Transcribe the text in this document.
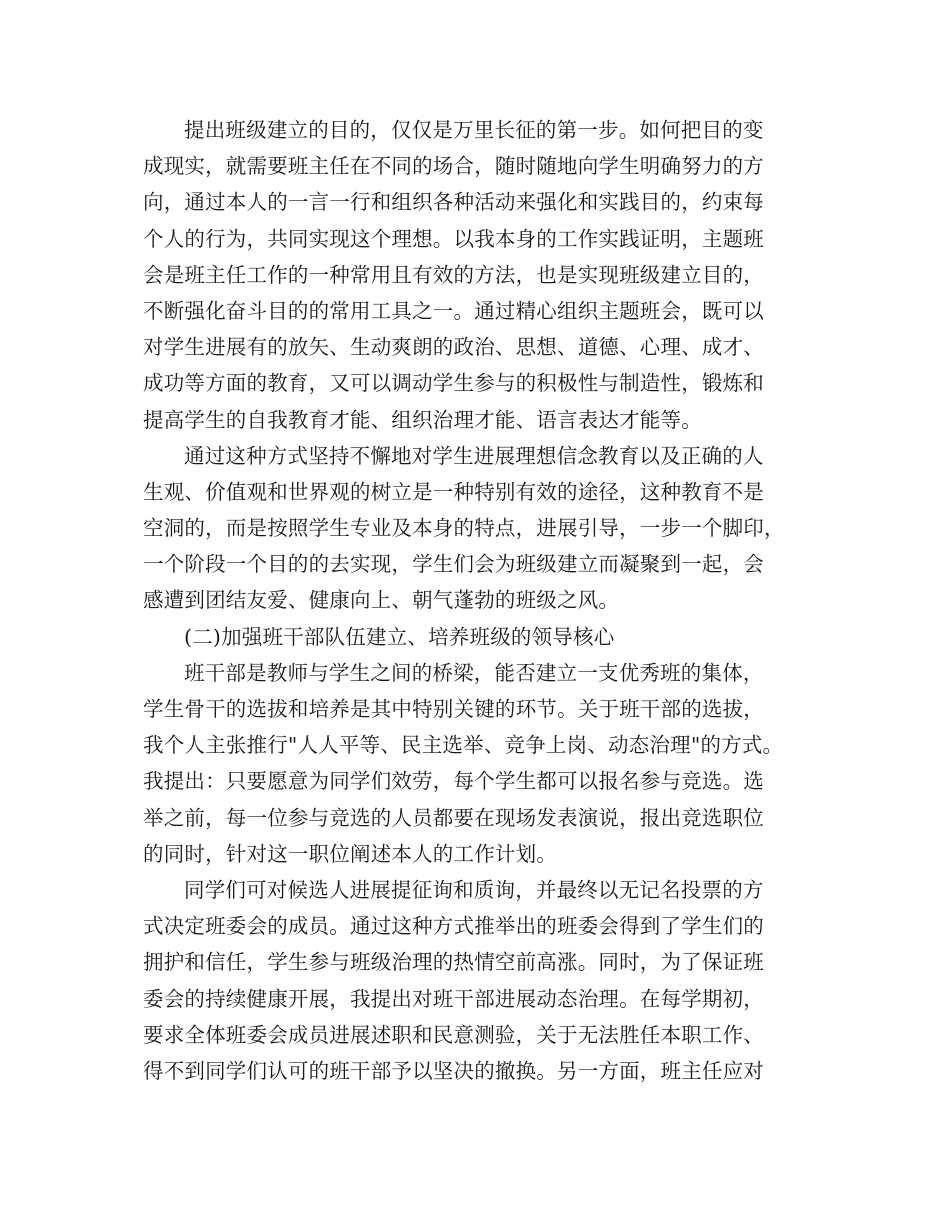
提出班级建立的目的，仅仅是万里长征的第一步。如何把目的变
成现实，就需要班主任在不同的场合，随时随地向学生明确努力的方
向，通过本人的一言一行和组织各种活动来强化和实践目的，约束每
个人的行为，共同实现这个理想。以我本身的工作实践证明，主题班
会是班主任工作的一种常用且有效的方法，也是实现班级建立目的，
不断强化奋斗目的的常用工具之一。通过精心组织主题班会，既可以
对学生进展有的放矢、生动爽朗的政治、思想、道德、心理、成才、
成功等方面的教育，又可以调动学生参与的积极性与制造性，锻炼和
提高学生的自我教育才能、组织治理才能、语言表达才能等。
通过这种方式坚持不懈地对学生进展理想信念教育以及正确的人
生观、价值观和世界观的树立是一种特别有效的途径，这种教育不是
空洞的，而是按照学生专业及本身的特点，进展引导，一步一个脚印，
一个阶段一个目的的去实现，学生们会为班级建立而凝聚到一起，会
感遭到团结友爱、健康向上、朝气蓬勃的班级之风。
(二)加强班干部队伍建立、培养班级的领导核心
班干部是教师与学生之间的桥梁，能否建立一支优秀班的集体，
学生骨干的选拔和培养是其中特别关键的环节。关于班干部的选拔，
我个人主张推行"人人平等、民主选举、竞争上岗、动态治理"的方式。
我提出：只要愿意为同学们效劳，每个学生都可以报名参与竞选。选
举之前，每一位参与竞选的人员都要在现场发表演说，报出竞选职位
的同时，针对这一职位阐述本人的工作计划。
同学们可对候选人进展提征询和质询，并最终以无记名投票的方
式决定班委会的成员。通过这种方式推举出的班委会得到了学生们的
拥护和信任，学生参与班级治理的热情空前高涨。同时，为了保证班
委会的持续健康开展，我提出对班干部进展动态治理。在每学期初，
要求全体班委会成员进展述职和民意测验，关于无法胜任本职工作、
得不到同学们认可的班干部予以坚决的撤换。另一方面，班主任应对
